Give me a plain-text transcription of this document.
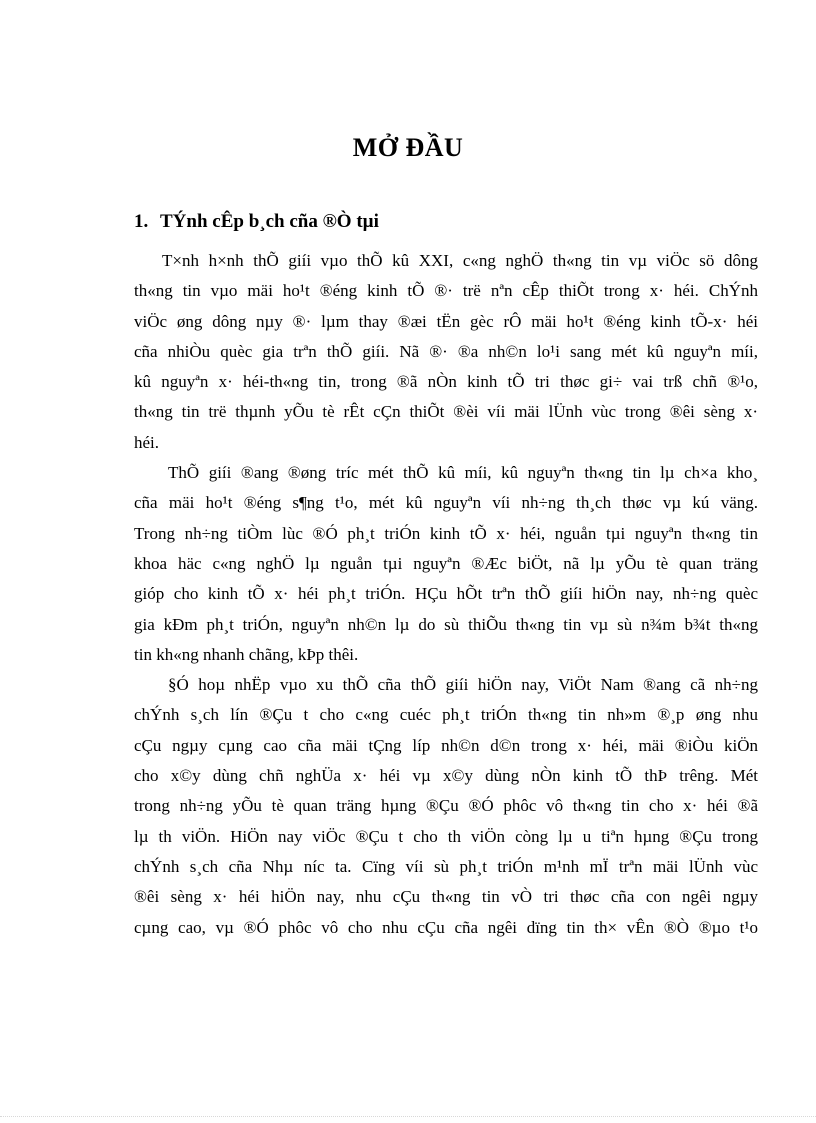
MỞ ĐẦU
1. TÝnh cÊp b¸ch cña ®Ò tµi
T×nh h×nh thÕ giíi vµo thÕ kû XXI, c«ng nghÖ th«ng tin vµ viÖc sö dông
th«ng tin vµo mäi ho¹t ®éng kinh tÕ ®· trë nªn cÊp thiÕt trong x· héi. ChÝnh
viÖc øng dông nµy ®· lµm thay ®æi tËn gèc rÔ mäi ho¹t ®éng kinh tÕ-x· héi
cña nhiÒu quèc gia trªn thÕ giíi. Nã ®· ®a nh©n lo¹i sang mét kû nguyªn míi,
kû nguyªn x· héi-th«ng tin, trong ®ã nÒn kinh tÕ tri thøc gi÷ vai trß chñ ®¹o,
th«ng tin trë thµnh yÕu tè rÊt cÇn thiÕt ®èi víi mäi lÜnh vùc trong ®êi sèng x·
héi.
ThÕ giíi ®ang ®øng tríc mét thÕ kû míi, kû nguyªn th«ng tin lµ ch×a kho¸
cña mäi ho¹t ®éng s¶ng t¹o, mét kû nguyªn víi nh÷ng th¸ch thøc vµ kú väng.
Trong nh÷ng tiÒm lùc ®Ó ph¸t triÓn kinh tÕ x· héi, nguån tµi nguyªn th«ng tin
khoa häc c«ng nghÖ lµ nguån tµi nguyªn ®Æc biÖt, nã lµ yÕu tè quan träng
gióp cho kinh tÕ x· héi ph¸t triÓn. HÇu hÕt trªn thÕ giíi hiÖn nay, nh÷ng quèc
gia kÐm ph¸t triÓn, nguyªn nh©n lµ do sù thiÕu th«ng tin vµ sù n¾m b¾t th«ng
tin kh«ng nhanh chãng, kÞp thêi.
§Ó hoµ nhËp vµo xu thÕ cña thÕ giíi hiÖn nay, ViÖt Nam ®ang cã nh÷ng
chÝnh s¸ch lín ®Çu t cho c«ng cuéc ph¸t triÓn th«ng tin nh»m ®¸p øng nhu
cÇu ngµy cµng cao cña mäi tÇng líp nh©n d©n trong x· héi, mäi ®iÒu kiÖn
cho x©y dùng chñ nghÜa x· héi vµ x©y dùng nÒn kinh tÕ thÞ trêng. Mét
trong nh÷ng yÕu tè quan träng hµng ®Çu ®Ó phôc vô th«ng tin cho x· héi ®ã
lµ th viÖn. HiÖn nay viÖc ®Çu t cho th viÖn còng lµ u tiªn hµng ®Çu trong
chÝnh s¸ch cña Nhµ níc ta. Cïng víi sù ph¸t triÓn m¹nh mÏ trªn mäi lÜnh vùc
®êi sèng x· héi hiÖn nay, nhu cÇu th«ng tin vÒ tri thøc cña con ngêi ngµy
cµng cao, vµ ®Ó phôc vô cho nhu cÇu cña ngêi dïng tin th× vÊn ®Ò ®µo t¹o
